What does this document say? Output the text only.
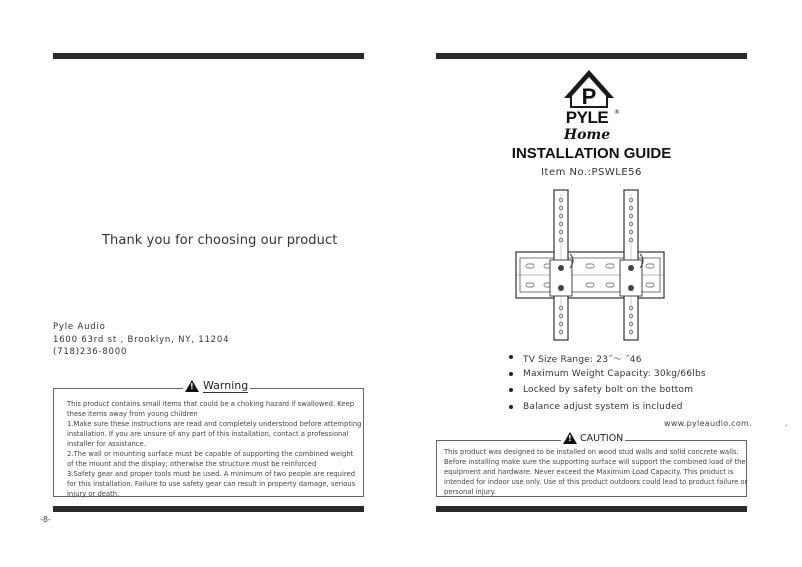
Thank you for choosing our product
Pyle Audio
1600 63rd st , Brooklyn, NY, 11204
(718)236-8000

This product contains small items that could be a choking hazard if swallowed. Keep these items away from young children

1.Make sure these instructions are read and completely understood before attempting installation. If you are unsure of any part of this installation, contact a professional installer for assistance.

2.The wall or mounting surface must be capable of supporting the combined weight of the mount and the display; otherwise the structure must be reinforced

3.Safety gear and proper tools must be used. A minimum of two people are required for this installation. Failure to use safety gear can result in property damage, serious injury or death.

! Warning
-8-
P
PYLE ®
Home
INSTALLATION GUIDE
Item No.:PSWLE56
TV Size Range: 23˝～ ˝46
Maximum Weight Capacity: 30kg/66lbs
Locked by safety bolt on the bottom
Balance adjust system is included
www.pyleaudio.com.	.
This product was designed to be installed on wood stud walls and solid concrete walls. Before installing make sure the supporting surface will support the combined load of the equipment and hardware. Never exceed the Maximum Load Capacity. This product is intended for indoor use only. Use of this product outdoors could lead to product failure or personal injury.
! CAUTION
